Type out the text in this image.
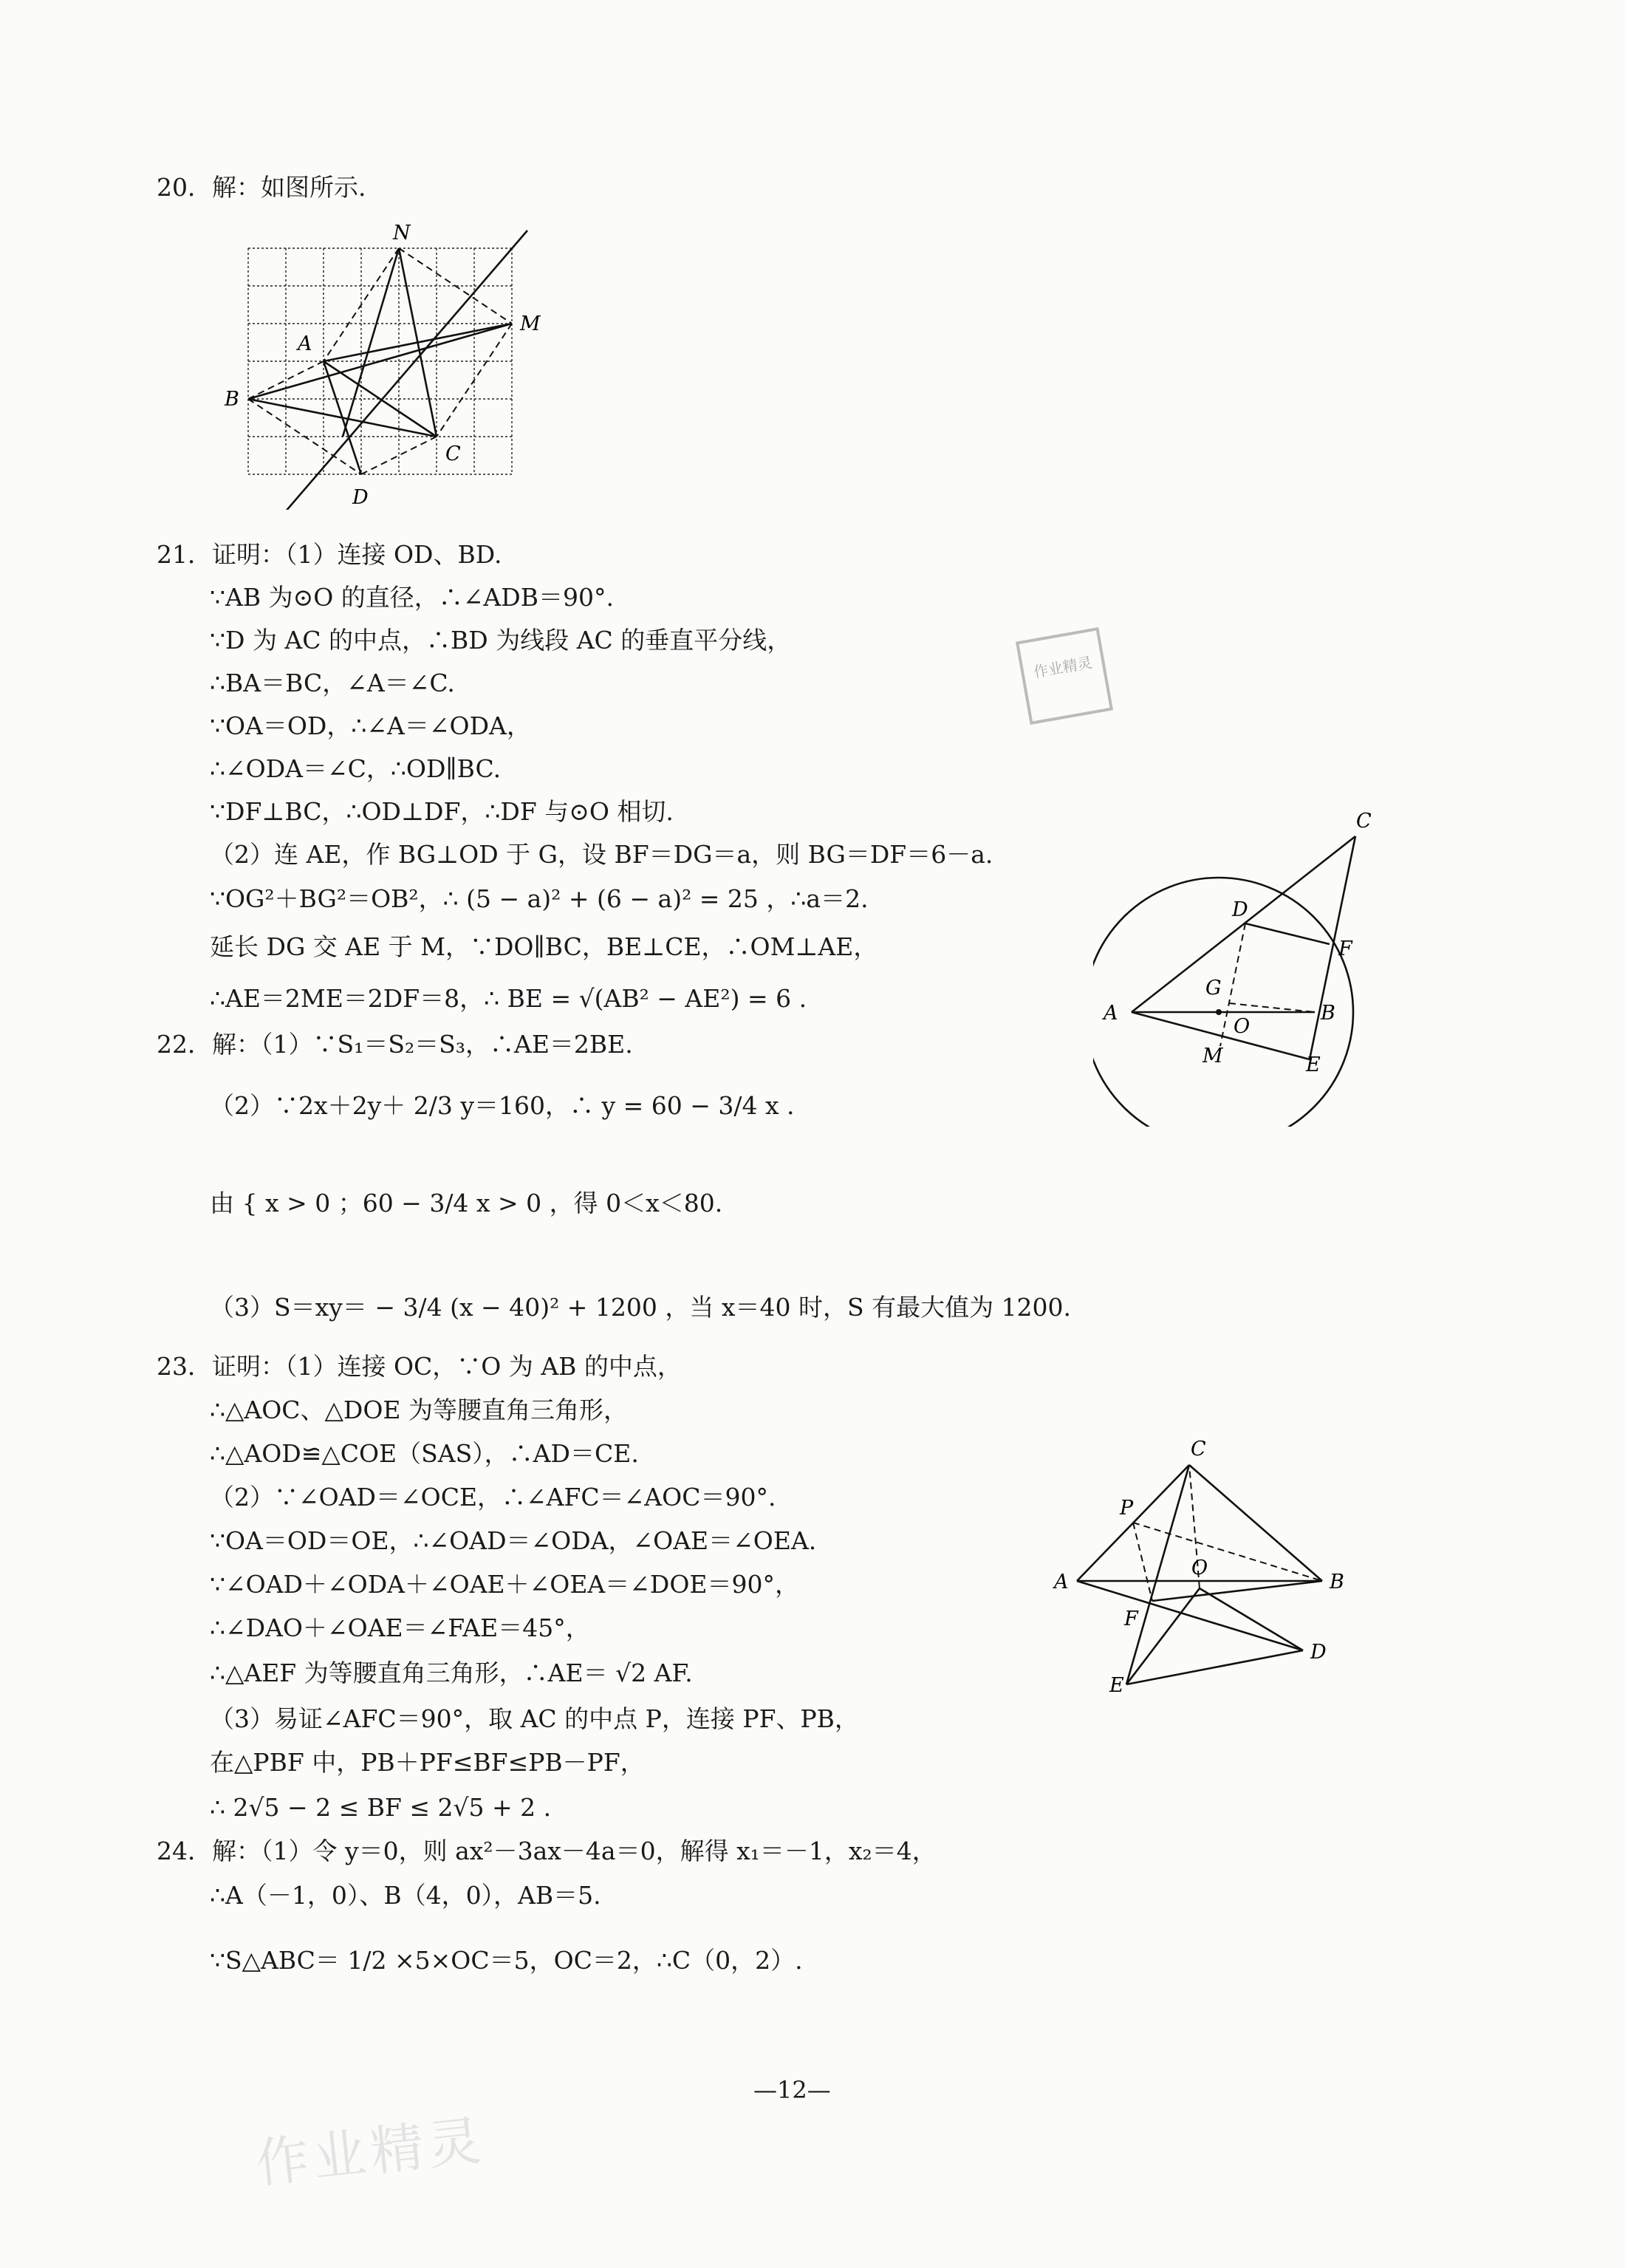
20．解：如图所示.
N
M
A
B
C
D
21．证明：（1）连接 OD、BD.
∵AB 为⊙O 的直径，∴∠ADB＝90°.
∵D 为 AC 的中点，∴BD 为线段 AC 的垂直平分线，
∴BA＝BC，∠A＝∠C.
∵OA＝OD，∴∠A＝∠ODA，
∴∠ODA＝∠C，∴OD∥BC.
∵DF⊥BC，∴OD⊥DF，∴DF 与⊙O 相切.
（2）连 AE，作 BG⊥OD 于 G，设 BF＝DG＝a，则 BG＝DF＝6－a.
∵OG²＋BG²＝OB²，∴ (5 − a)² + (6 − a)² = 25 ，∴a＝2.
延长 DG 交 AE 于 M，∵DO∥BC，BE⊥CE，∴OM⊥AE，
∴AE＝2ME＝2DF＝8，∴ BE = √(AB² − AE²) = 6 .
C
D
F
G
A
O
B
M	E
22．解：（1）∵S₁＝S₂＝S₃，∴AE＝2BE.
（2）∵2x＋2y＋ 2/3 y＝160，∴ y = 60 − 3/4 x .
由 { x > 0 ；60 − 3/4 x > 0 ，得 0＜x＜80.
（3）S＝xy＝ − 3/4 (x − 40)² + 1200 ，当 x＝40 时，S 有最大值为 1200.
23．证明：（1）连接 OC，∵O 为 AB 的中点，
∴△AOC、△DOE 为等腰直角三角形，
∴△AOD≌△COE（SAS），∴AD＝CE.
（2）∵∠OAD＝∠OCE，∴∠AFC＝∠AOC＝90°.
∵OA＝OD＝OE，∴∠OAD＝∠ODA，∠OAE＝∠OEA.
∵∠OAD＋∠ODA＋∠OAE＋∠OEA＝∠DOE＝90°，
∴∠DAO＋∠OAE＝∠FAE＝45°，
∴△AEF 为等腰直角三角形，∴AE＝ √2 AF.
（3）易证∠AFC＝90°，取 AC 的中点 P，连接 PF、PB，
在△PBF 中，PB＋PF≤BF≤PB－PF，
∴ 2√5 − 2 ≤ BF ≤ 2√5 + 2 .
C
P
A
O
B
F
D
E
24．解：（1）令 y＝0，则 ax²－3ax－4a＝0，解得 x₁＝－1，x₂＝4，
∴A（－1，0）、B（4，0），AB＝5.
∵S△ABC＝ 1/2 ×5×OC＝5，OC＝2，∴C（0，2）.
作业精灵
作业精灵
—12—
